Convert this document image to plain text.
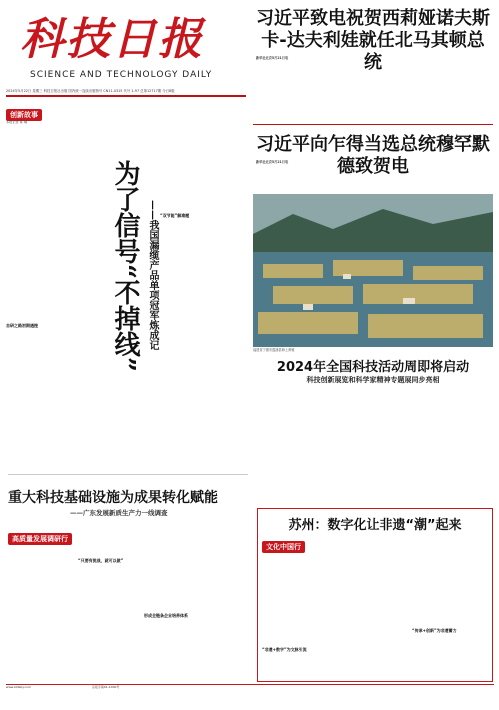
科技日报
SCIENCE AND TECHNOLOGY DAILY
2024年5月22日 星期三 科技日报社出版 国内统一连续出版物号 CN11-0315 代号 1-97 总第12717期 今日8版
习近平致电祝贺西莉娅诺夫斯卡-达夫利娃就任北马其顿总统
新华社北京5月21日电
习近平向乍得当选总统穆罕默德致贺电
新华社北京5月21日电
创新故事
本报记者 陈 曦
为了信号“不掉线” ——我国漏缆产品单项冠军炼成记
自研之路初期遇挫
“双节能”解难题
福建省宁德市霞浦县海上养殖
2024年全国科技活动周即将启动
科技创新展览和科学家精神专题展同步亮相
重大科技基础设施为成果转化赋能
——广东发展新质生产力一线调查
高质量发展调研行
形成全链条企业培养体系
“只要有挑战，就可以做”
苏州：数字化让非遗“潮”起来
文化中国行
“非遗+数字”为文脉引流
“传承+创新”为非遗蓄力
www.stdaily.com	京报字第01-1000号
